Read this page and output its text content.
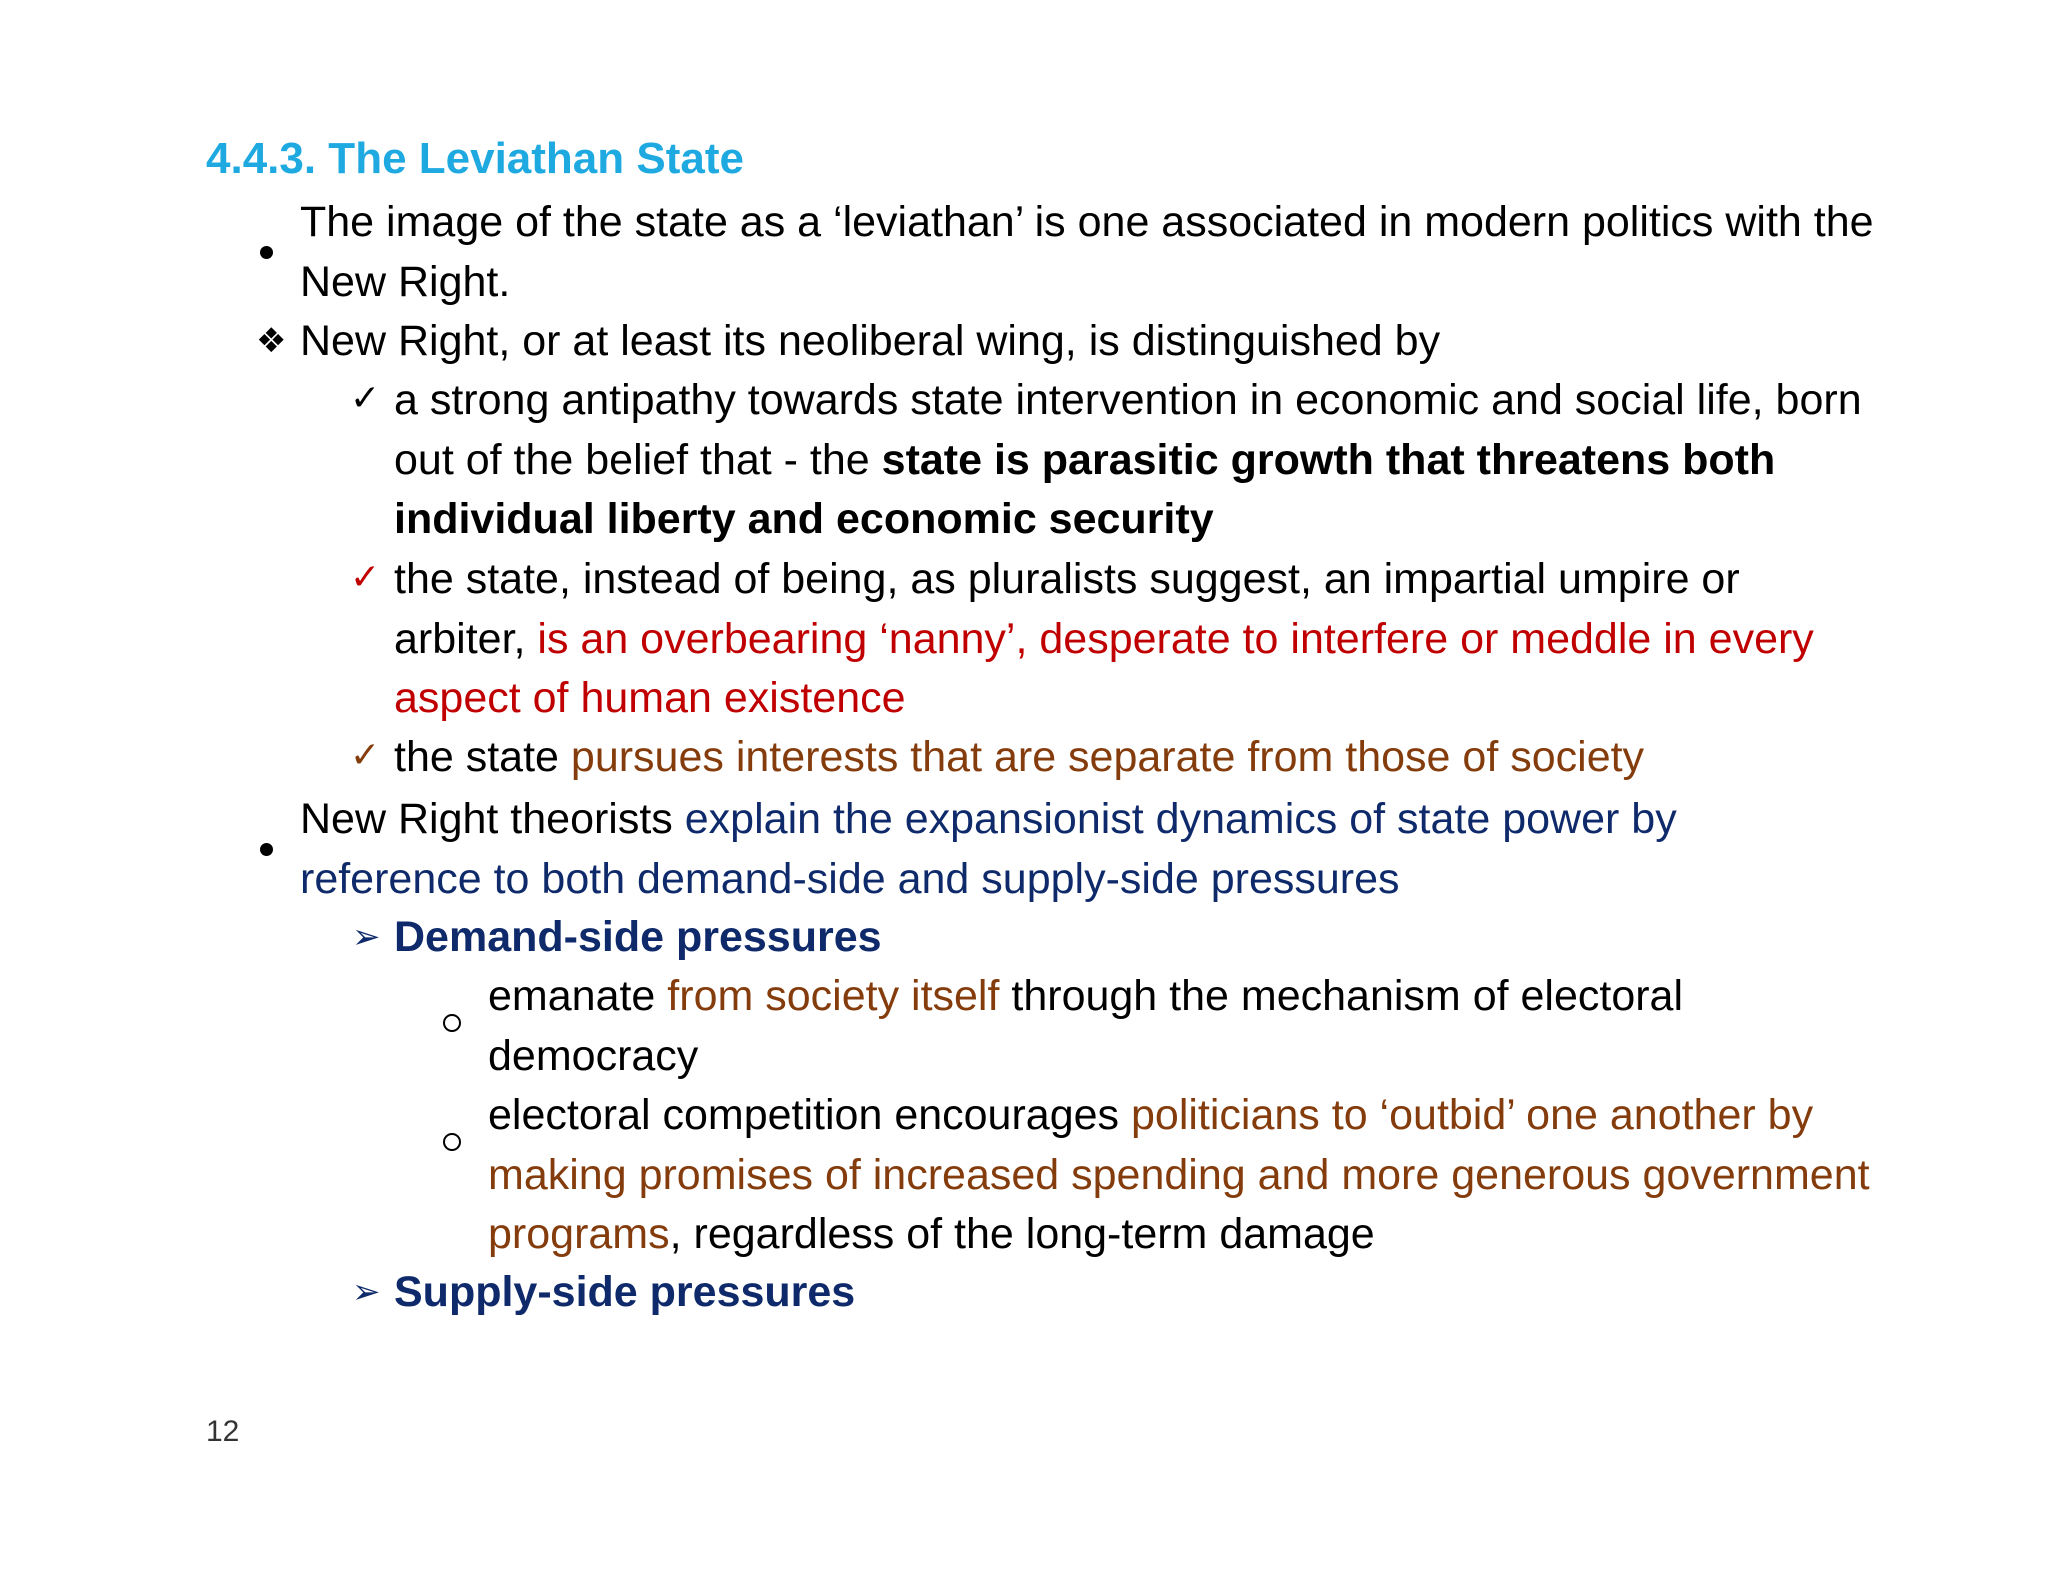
4.4.3. The Leviathan State
The image of the state as a ‘leviathan’ is one associated in modern politics with the New Right.
❖ New Right, or at least its neoliberal wing, is distinguished by
✓ a strong antipathy towards state intervention in economic and social life, born out of the belief that - the state is parasitic growth that threatens both individual liberty and economic security
✓ the state, instead of being, as pluralists suggest, an impartial umpire or arbiter, is an overbearing ‘nanny’, desperate to interfere or meddle in every aspect of human existence
✓ the state pursues interests that are separate from those of society
New Right theorists explain the expansionist dynamics of state power by reference to both demand-side and supply-side pressures
➢ Demand-side pressures
emanate from society itself through the mechanism of electoral democracy
electoral competition encourages politicians to ‘outbid’ one another by making promises of increased spending and more generous government programs, regardless of the long-term damage
➢ Supply-side pressures
12
